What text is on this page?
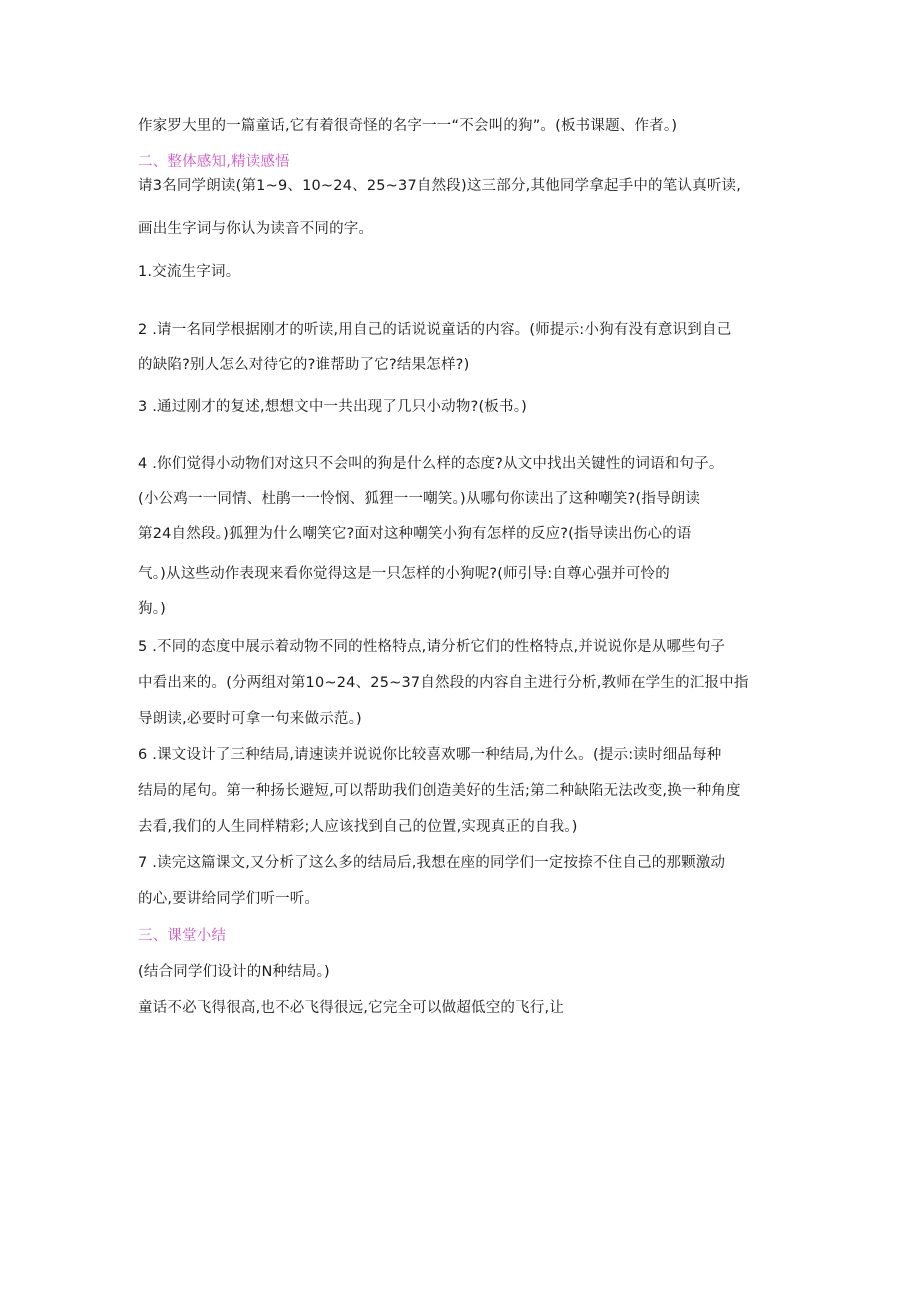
作家罗大里的一篇童话,它有着很奇怪的名字一一“不会叫的狗”。(板书课题、作者。)
二、整体感知,精读感悟
请3名同学朗读(第1~9、10~24、25~37自然段)这三部分,其他同学拿起手中的笔认真听读,
画出生字词与你认为读音不同的字。
1.交流生字词。
2 .请一名同学根据刚才的听读,用自己的话说说童话的内容。(师提示:小狗有没有意识到自己
的缺陷?别人怎么对待它的?谁帮助了它?结果怎样?)
3 .通过刚才的复述,想想文中一共出现了几只小动物?(板书。)
4 .你们觉得小动物们对这只不会叫的狗是什么样的态度?从文中找出关键性的词语和句子。
(小公鸡一一同情、杜鹃一一怜悯、狐狸一一嘲笑。)从哪句你读出了这种嘲笑?(指导朗读
第24自然段。)狐狸为什么嘲笑它?面对这种嘲笑小狗有怎样的反应?(指导读出伤心的语
气。)从这些动作表现来看你觉得这是一只怎样的小狗呢?(师引导:自尊心强并可怜的
狗。)
5 .不同的态度中展示着动物不同的性格特点,请分析它们的性格特点,并说说你是从哪些句子
中看出来的。(分两组对第10~24、25~37自然段的内容自主进行分析,教师在学生的汇报中指
导朗读,必要时可拿一句来做示范。)
6 .课文设计了三种结局,请速读并说说你比较喜欢哪一种结局,为什么。(提示:读时细品每种
结局的尾句。第一种扬长避短,可以帮助我们创造美好的生活;第二种缺陷无法改变,换一种角度
去看,我们的人生同样精彩;人应该找到自己的位置,实现真正的自我。)
7 .读完这篇课文,又分析了这么多的结局后,我想在座的同学们一定按捺不住自己的那颗激动
的心,要讲给同学们听一听。
三、课堂小结
(结合同学们设计的N种结局。)
童话不必飞得很高,也不必飞得很远,它完全可以做超低空的飞行,让
